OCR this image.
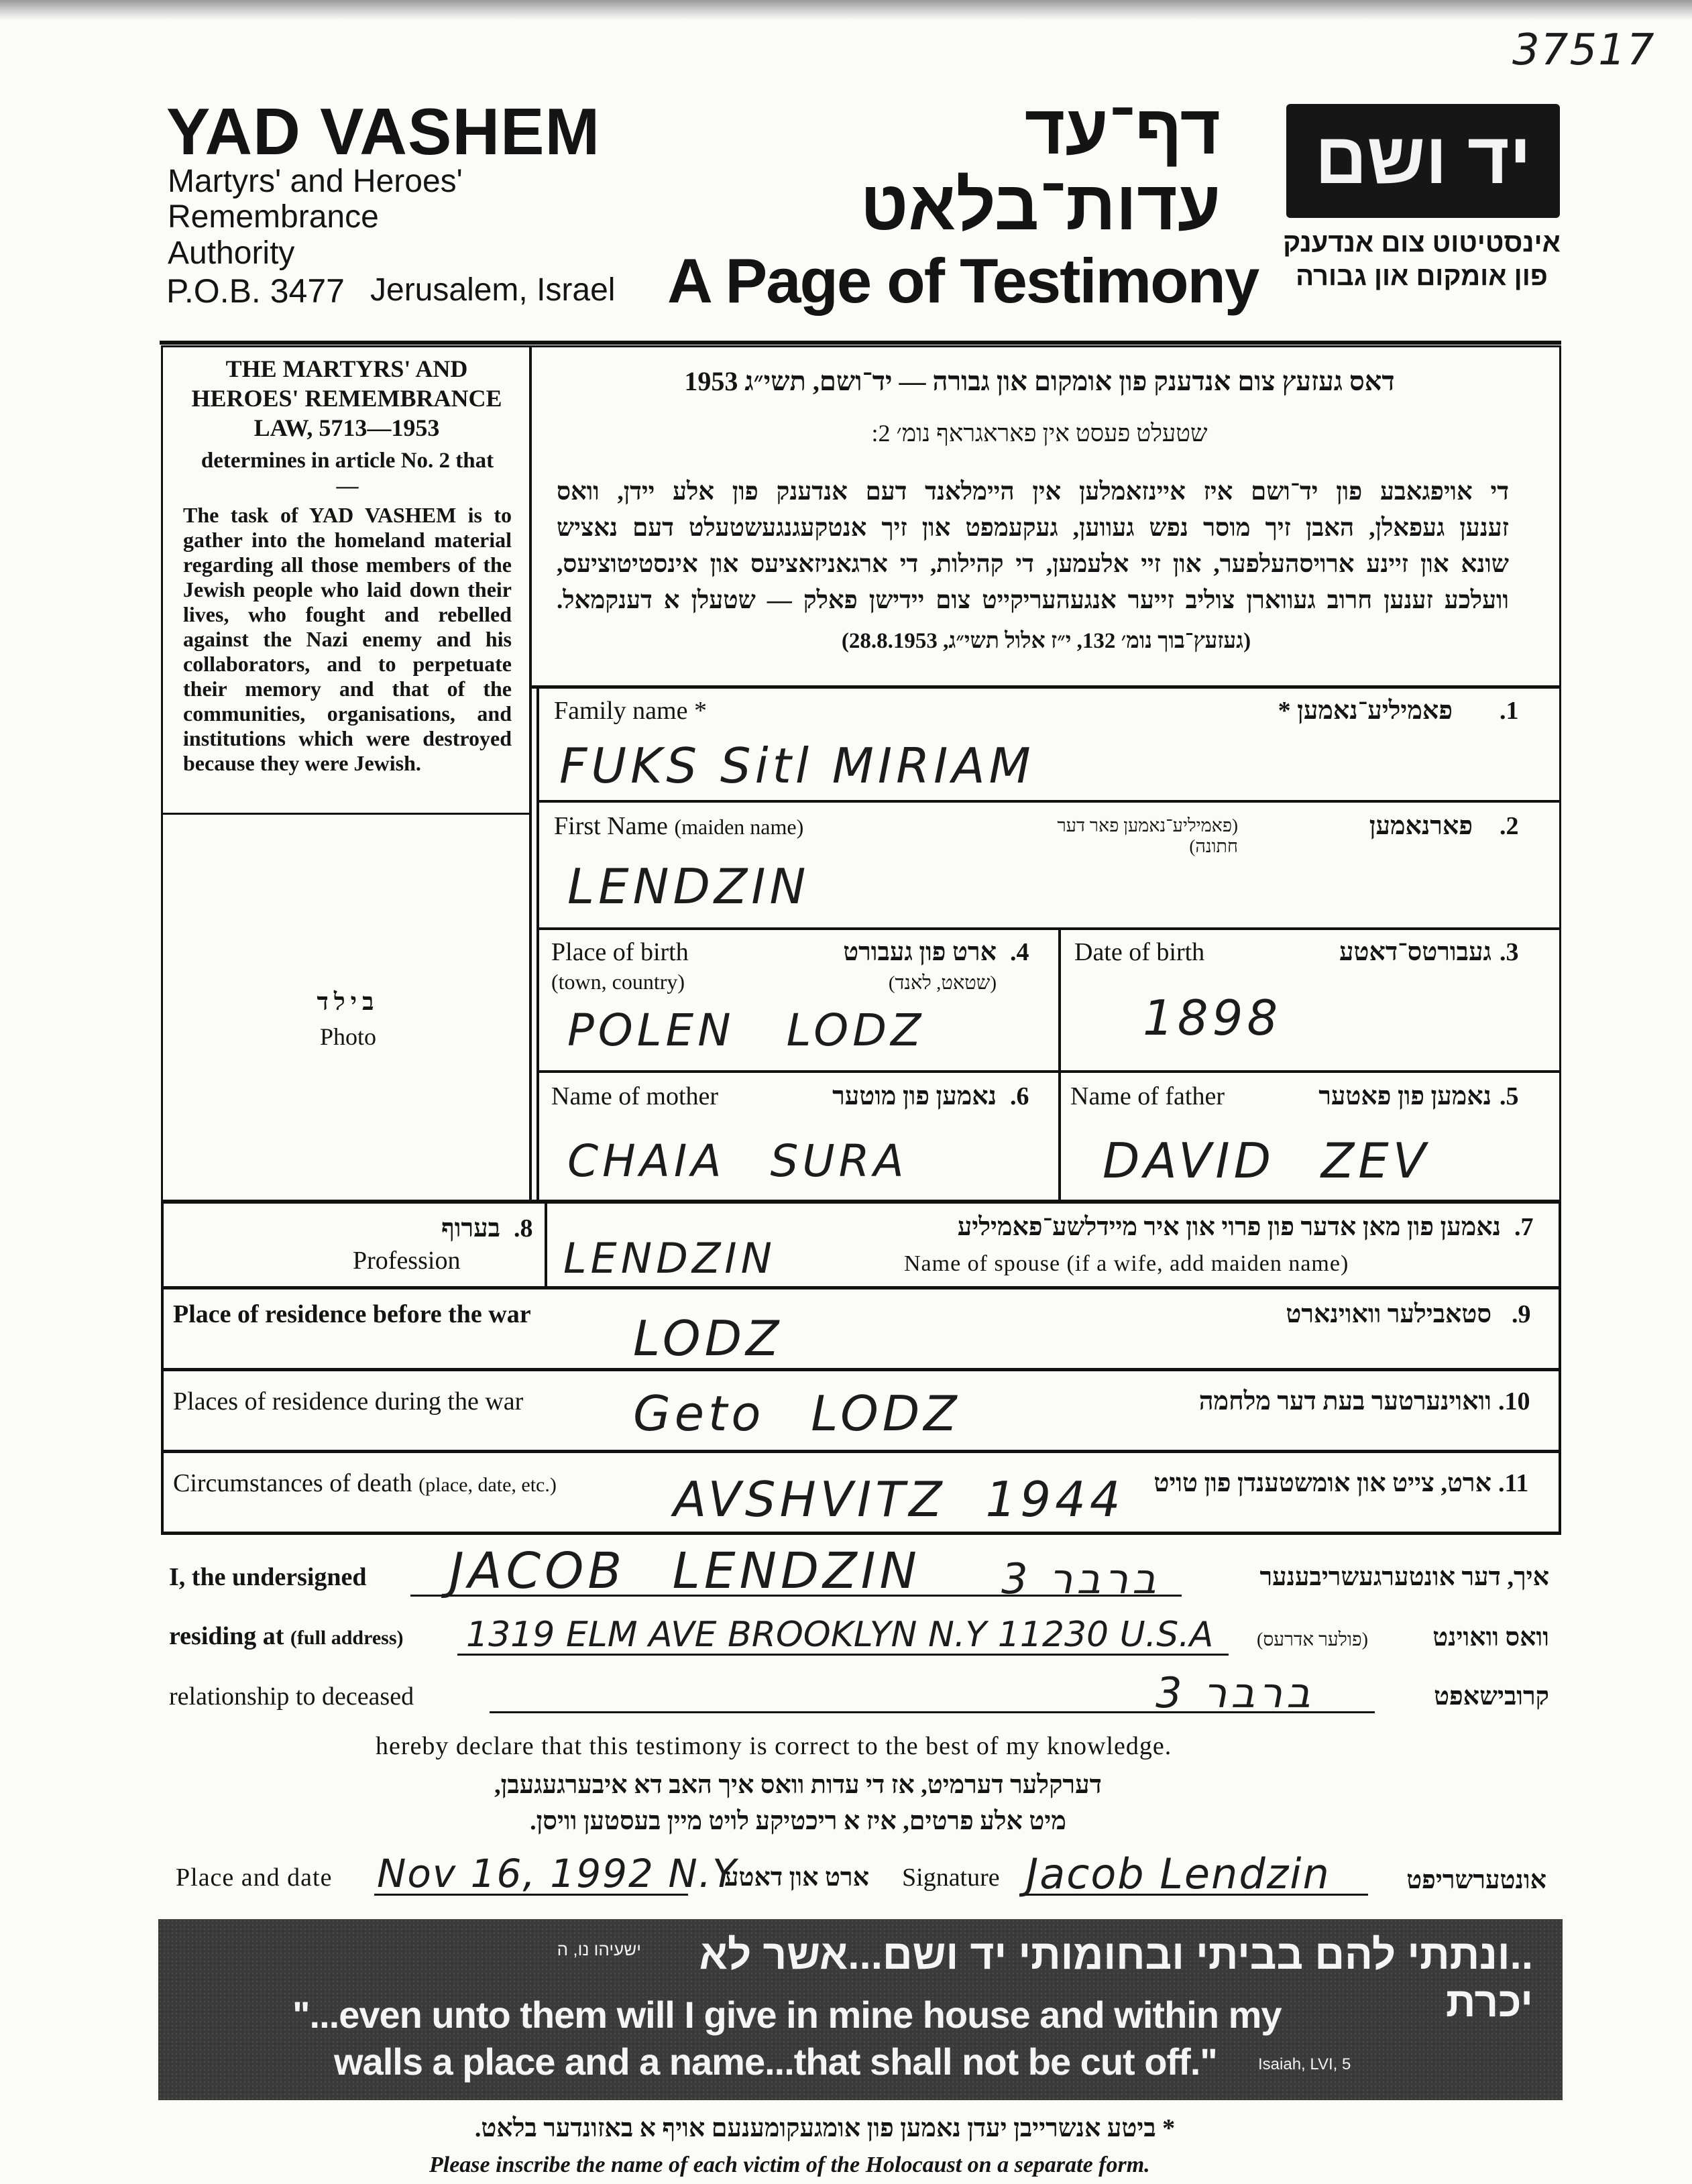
37517
YAD VASHEM
Martyrs' and Heroes'
Remembrance
Authority
P.O.B. 3477 Jerusalem, Israel
דף־עד
עדות־בלאט
A Page of Testimony
יד ושם
אינסטיטוט צום אנדענק
פון אומקום און גבורה
THE MARTYRS' AND HEROES' REMEMBRANCE LAW, 5713—1953
determines in article No. 2 that —
The task of YAD VASHEM is to gather into the homeland material regarding all those members of the Jewish people who laid down their lives, who fought and rebelled against the Nazi enemy and his collaborators, and to perpetuate their memory and that of the communities, organisations, and institutions which were destroyed because they were Jewish.
בילד
Photo
דאס געזעץ צום אנדענק פון אומקום און גבורה — יד־ושם, תשי״ג 1953
שטעלט פעסט אין פאראגראף נומ׳ 2:
די אויפגאבע פון יד־ושם איז איינזאמלען אין היימלאנד דעם אנדענק פון אלע יידן, וואס
זענען געפאלן, האבן זיך מוסר נפש געווען, געקעמפט און זיך אנטקעגנגעשטעלט דעם נאציש
שונא און זיינע ארויסהעלפער, און זיי אלעמען, די קהילות, די ארגאניזאציעס און אינסטיטוציעס,
וועלכע זענען חרוב געווארן צוליב זייער אנגעהעריקייט צום יידישן פאלק — שטעלן א דענקמאל.
(געזעץ־בוך נומ׳ 132, י״ז אלול תשי״ג, 28.8.1953)
Family name *	פאמיליע־נאמען * .1
FUKS Sitl MIRIAM
First Name (maiden name)	(פאמיליע־נאמען פאר דער חתונה)
פארנאמען .2
LENDZIN
Place of birth
(town, country)
ארט פון געבורט
(שטאט, לאנד)
.4
POLEN LODZ
Date of birth	געבורטס־דאטע .3
1898
Name of mother	נאמען פון מוטער .6
CHAIA SURA
Name of father	נאמען פון פאטער .5
DAVID ZEV
.8
בערוף
Profession
נאמען פון מאן אדער פון פרוי און איר מיידלשע־פאמיליע .7
Name of spouse (if a wife, add maiden name)
LENDZIN
Place of residence before the war	סטאבילער וואוינארט .9
LODZ
Places of residence during the war	וואוינערטער בעת דער מלחמה .10
Geto LODZ
Circumstances of death (place, date, etc.)	ארט, צייט און אומשטענדן פון טויט .11
AVSHVITZ 1944
I, the undersigned JACOB LENDZIN	ברבר 3	איך, דער אונטערגעשריבענער
residing at (full address) 1319 ELM AVE BROOKLYN N.Y 11230 U.S.A	(פולער אדרעס)	וואס וואוינט
relationship to deceased	ברבר 3	קרובישאפט
hereby declare that this testimony is correct to the best of my knowledge.
דערקלער דערמיט, אז די עדות וואס איך האב דא איבערגעגעבן,
מיט אלע פרטים, איז א ריכטיקע לויט מיין בעסטען וויסן.
Place and date Nov 16, 1992 N.Y
ארט און דאטע Signature Jacob Lendzin	אונטערשריפט
ישעיהו נו, ה	..ונתתי להם בביתי ובחומותי יד ושם...אשר לא יכרת
"...even unto them will I give in mine house and within my
walls a place and a name...that shall not be cut off."	Isaiah, LVI, 5
* ביטע אנשרייבן יעדן נאמען פון אומגעקומענעם אויף א באזונדער בלאט.
Please inscribe the name of each victim of the Holocaust on a separate form.
